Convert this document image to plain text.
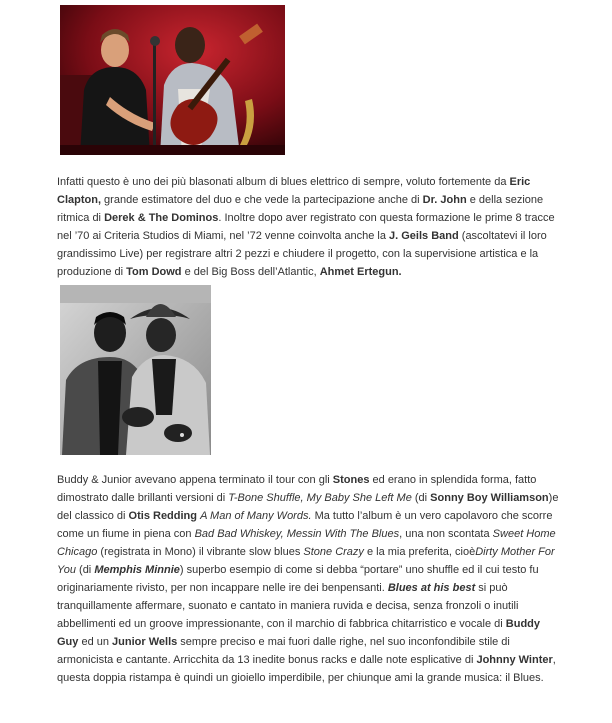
Infatti questo è uno dei più blasonati album di blues elettrico di sempre, voluto fortemente da Eric Clapton, grande estimatore del duo e che vede la partecipazione anche di Dr. John e della sezione ritmica di Derek & The Dominos. Inoltre dopo aver registrato con questa formazione le prime 8 tracce nel ’70 ai Criteria Studios di Miami, nel ’72 venne coinvolta anche la J. Geils Band (ascoltatevi il loro grandissimo Live) per registrare altri 2 pezzi e chiudere il progetto, con la supervisione artistica e la produzione di Tom Dowd e del Big Boss dell’Atlantic, Ahmet Ertegun.

Buddy & Junior avevano appena terminato il tour con gli Stones ed erano in splendida forma, fatto dimostrato dalle brillanti versioni di T-Bone Shuffle, My Baby She Left Me (di Sonny Boy Williamson)e del classico di Otis Redding A Man of Many Words. Ma tutto l’album è un vero capolavoro che scorre come un fiume in piena con Bad Bad Whiskey, Messin With The Blues, una non scontata Sweet Home Chicago (registrata in Mono) il vibrante slow blues Stone Crazy e la mia preferita, cioèDirty Mother For You (di Memphis Minnie) superbo esempio di come si debba “portare” uno shuffle ed il cui testo fu originariamente rivisto, per non incappare nelle ire dei benpensanti. Blues at his best si può tranquillamente affermare, suonato e cantato in maniera ruvida e decisa, senza fronzoli o inutili abbellimenti ed un groove impressionante, con il marchio di fabbrica chitarristico e vocale di Buddy Guy ed un Junior Wells sempre preciso e mai fuori dalle righe, nel suo inconfondibile stile di armonicista e cantante. Arricchita da 13 inedite bonus racks e dalle note esplicative di Johnny Winter, questa doppia ristampa è quindi un gioiello imperdibile, per chiunque ami la grande musica: il Blues.
